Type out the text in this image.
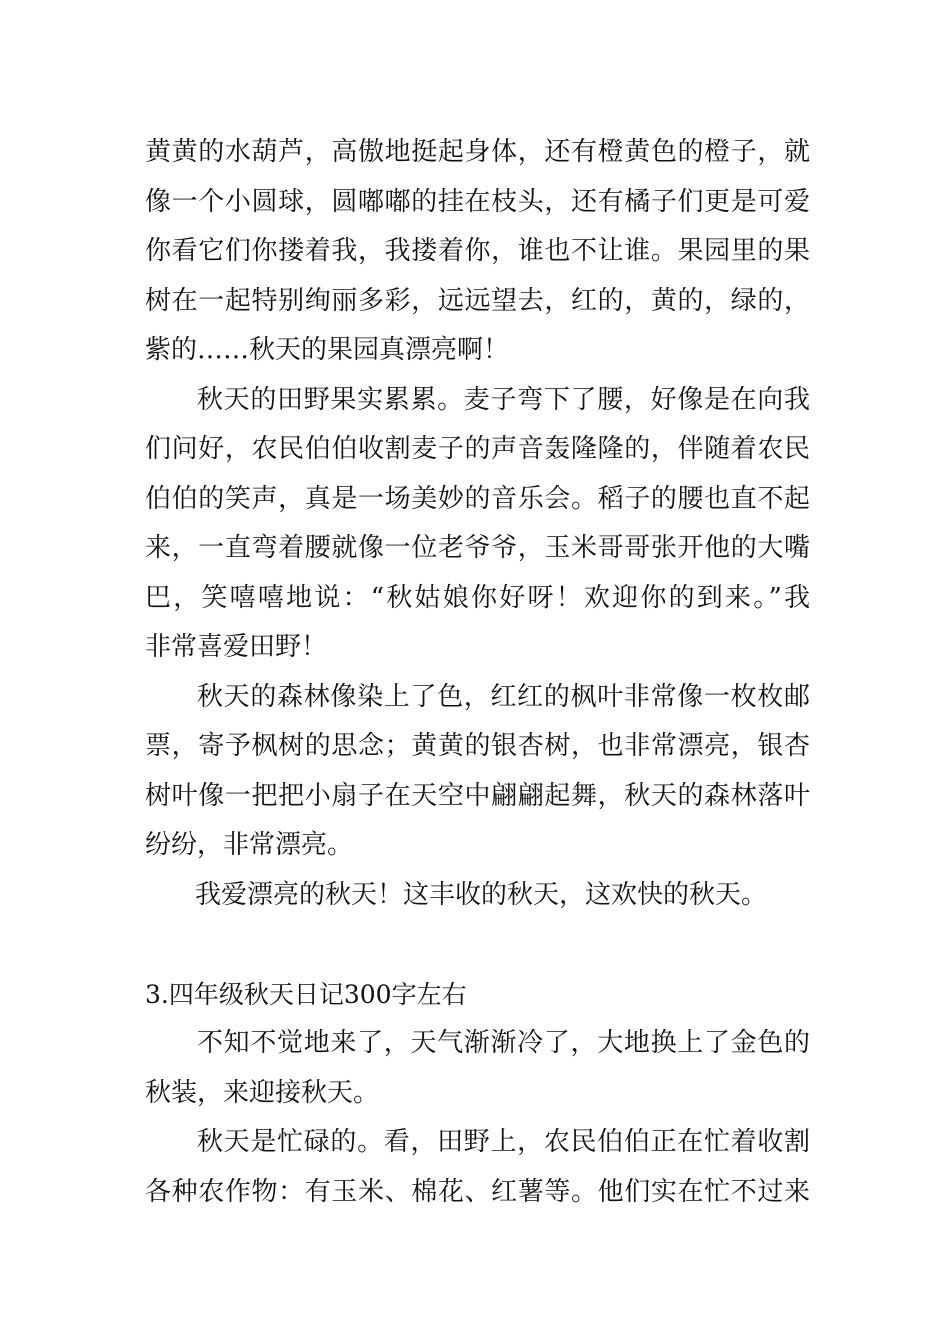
黄黄的水葫芦，高傲地挺起身体，还有橙黄色的橙子，就
像一个小圆球，圆嘟嘟的挂在枝头，还有橘子们更是可爱
你看它们你搂着我，我搂着你，谁也不让谁。果园里的果
树在一起特别绚丽多彩，远远望去，红的，黄的，绿的，
紫的……秋天的果园真漂亮啊！
秋天的田野果实累累。麦子弯下了腰，好像是在向我
们问好，农民伯伯收割麦子的声音轰隆隆的，伴随着农民
伯伯的笑声，真是一场美妙的音乐会。稻子的腰也直不起
来，一直弯着腰就像一位老爷爷，玉米哥哥张开他的大嘴
巴，笑嘻嘻地说：“秋姑娘你好呀！欢迎你的到来。”我
非常喜爱田野！
秋天的森林像染上了色，红红的枫叶非常像一枚枚邮
票，寄予枫树的思念；黄黄的银杏树，也非常漂亮，银杏
树叶像一把把小扇子在天空中翩翩起舞，秋天的森林落叶
纷纷，非常漂亮。
我爱漂亮的秋天！这丰收的秋天，这欢快的秋天。
3.四年级秋天日记300字左右
不知不觉地来了，天气渐渐冷了，大地换上了金色的
秋装，来迎接秋天。
秋天是忙碌的。看，田野上，农民伯伯正在忙着收割
各种农作物：有玉米、棉花、红薯等。他们实在忙不过来
